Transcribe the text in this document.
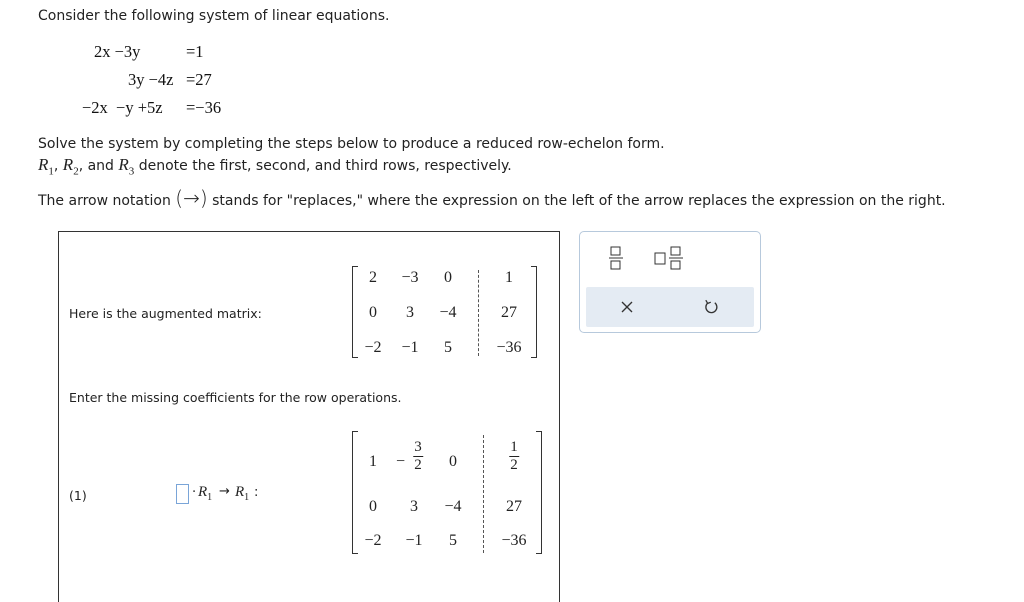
Consider the following system of linear equations.
2x −3y	=1
3y −4z =27
−2x  −y +5z =−36
Solve the system by completing the steps below to produce a reduced row-echelon form.
$R_1$, $R_2$, and $R_3$ denote the first, second, and third rows, respectively.
The arrow notation (→) stands for "replaces," where the expression on the left of the arrow replaces the expression on the right.
Here is the augmented matrix:
2 −3 0	1
0 3 −4	27
−2 −1 5	−36
Enter the missing coefficients for the row operations.
(1)	· $R_1 \to R_1$ :
$1 - \frac{3}{2} 0$	$\frac{1}{2}$
0 3 −4	27
−2 −1 5	−36
